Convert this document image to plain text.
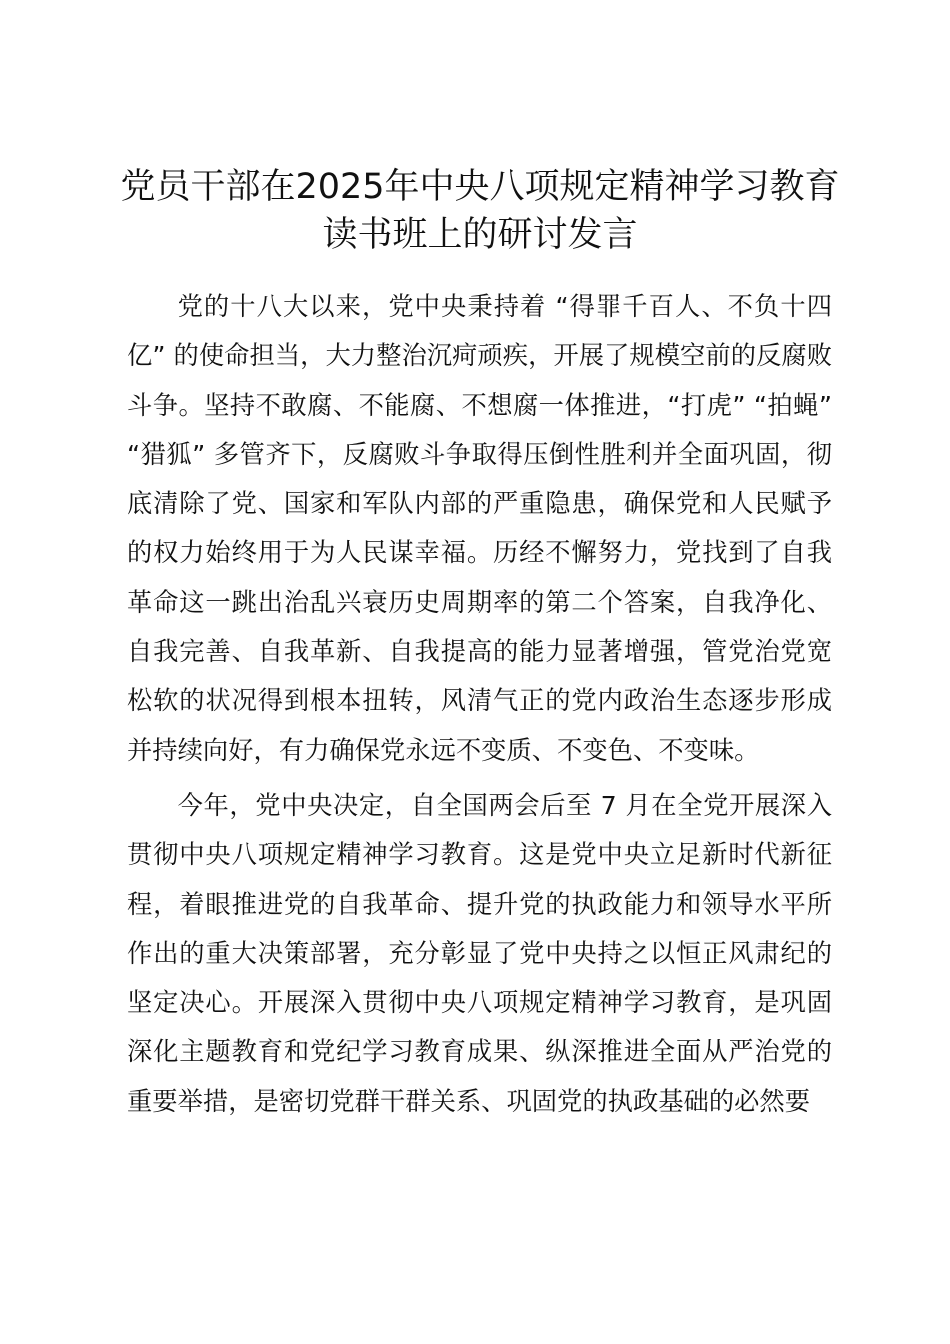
党员干部在2025年中央八项规定精神学习教育读书班上的研讨发言

党的十八大以来，党中央秉持着 “得罪千百人、不负十四亿” 的使命担当，大力整治沉疴顽疾，开展了规模空前的反腐败斗争。坚持不敢腐、不能腐、不想腐一体推进，“打虎” “拍蝇” “猎狐” 多管齐下，反腐败斗争取得压倒性胜利并全面巩固，彻底清除了党、国家和军队内部的严重隐患，确保党和人民赋予的权力始终用于为人民谋幸福。历经不懈努力，党找到了自我革命这一跳出治乱兴衰历史周期率的第二个答案，自我净化、自我完善、自我革新、自我提高的能力显著增强，管党治党宽松软的状况得到根本扭转，风清气正的党内政治生态逐步形成并持续向好，有力确保党永远不变质、不变色、不变味。

今年，党中央决定，自全国两会后至 7 月在全党开展深入贯彻中央八项规定精神学习教育。这是党中央立足新时代新征程，着眼推进党的自我革命、提升党的执政能力和领导水平所作出的重大决策部署，充分彰显了党中央持之以恒正风肃纪的坚定决心。开展深入贯彻中央八项规定精神学习教育，是巩固深化主题教育和党纪学习教育成果、纵深推进全面从严治党的重要举措，是密切党群干群关系、巩固党的执政基础的必然要
